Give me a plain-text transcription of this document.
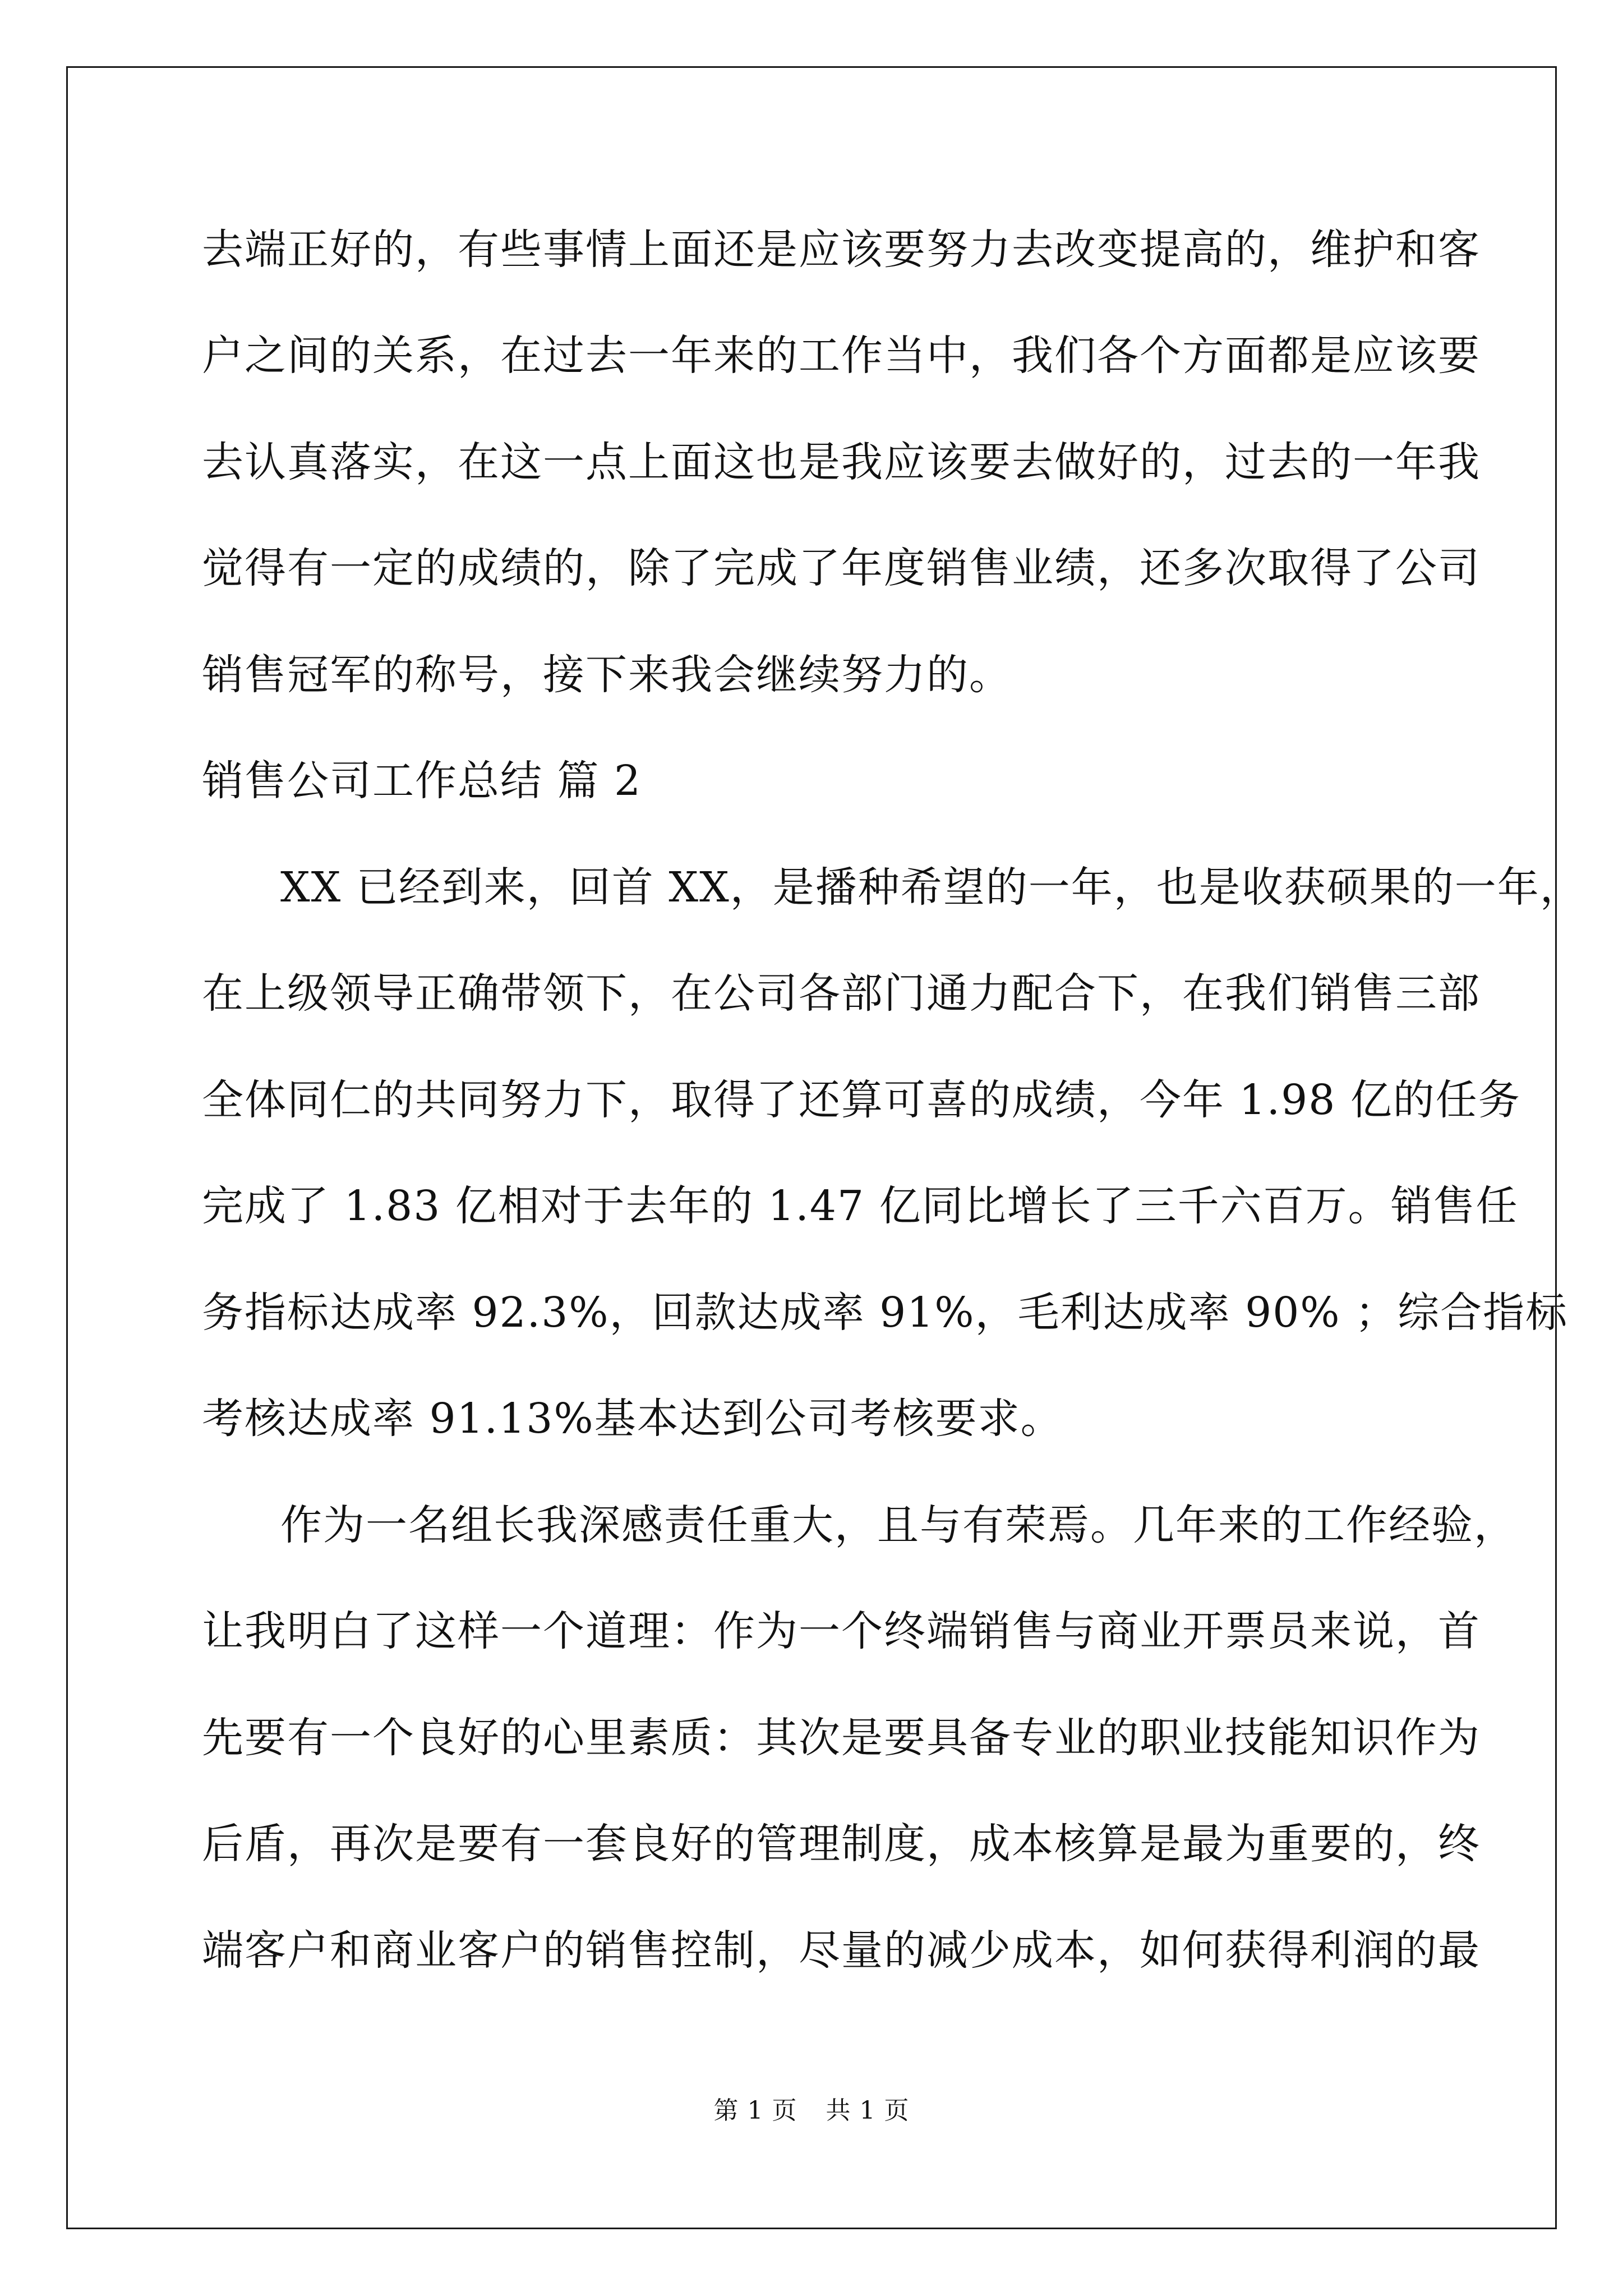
去端正好的，有些事情上面还是应该要努力去改变提高的，维护和客
户之间的关系，在过去一年来的工作当中，我们各个方面都是应该要
去认真落实，在这一点上面这也是我应该要去做好的，过去的一年我
觉得有一定的成绩的，除了完成了年度销售业绩，还多次取得了公司
销售冠军的称号，接下来我会继续努力的。
销售公司工作总结 篇 2
XX 已经到来，回首 XX，是播种希望的一年，也是收获硕果的一年，
在上级领导正确带领下，在公司各部门通力配合下，在我们销售三部
全体同仁的共同努力下，取得了还算可喜的成绩，今年 1.98 亿的任务
完成了 1.83 亿相对于去年的 1.47 亿同比增长了三千六百万。销售任
务指标达成率 92.3%，回款达成率 91%，毛利达成率 90% ；综合指标
考核达成率 91.13%基本达到公司考核要求。
作为一名组长我深感责任重大，且与有荣焉。几年来的工作经验，
让我明白了这样一个道理：作为一个终端销售与商业开票员来说，首
先要有一个良好的心里素质：其次是要具备专业的职业技能知识作为
后盾，再次是要有一套良好的管理制度，成本核算是最为重要的，终
端客户和商业客户的销售控制，尽量的减少成本，如何获得利润的最
第 1 页 共 1 页
